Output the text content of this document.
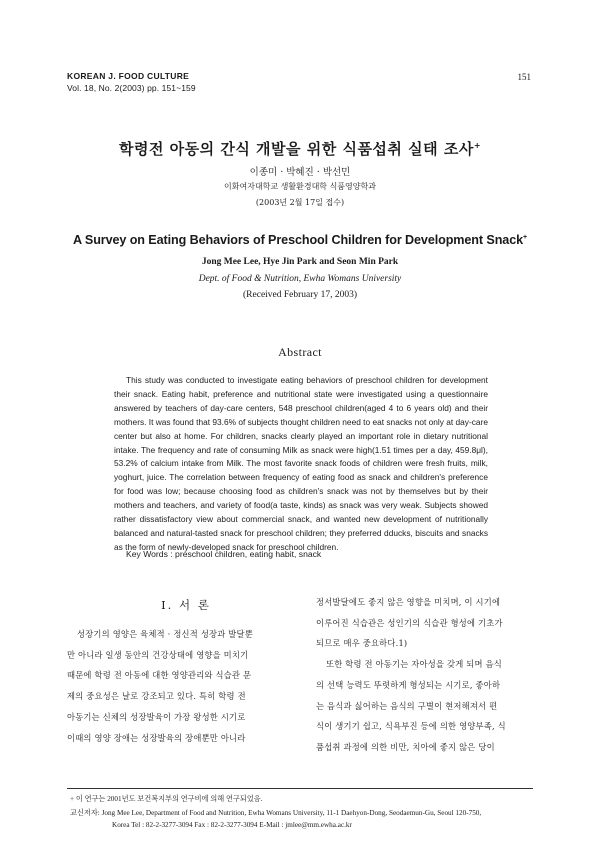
KOREAN J. FOOD CULTURE
Vol. 18, No. 2(2003) pp. 151~159
151
학령전 아동의 간식 개발을 위한 식품섭취 실태 조사+
이종미 · 박혜진 · 박선민
이화여자대학교 생활환경대학 식품영양학과
(2003년 2월 17일 접수)
A Survey on Eating Behaviors of Preschool Children for Development Snack+
Jong Mee Lee, Hye Jin Park and Seon Min Park
Dept. of Food & Nutrition, Ewha Womans University
(Received February 17, 2003)
Abstract

This study was conducted to investigate eating behaviors of preschool children for development their snack. Eating habit, preference and nutritional state were investigated using a questionnaire answered by teachers of day-care centers, 548 preschool children(aged 4 to 6 years old) and their mothers. It was found that 93.6% of subjects thought children need to eat snacks not only at day-care center but also at home. For children, snacks clearly played an important role in dietary nutritional intake. The frequency and rate of consuming Milk as snack were high(1.51 times per a day, 459.8μl), 53.2% of calcium intake from Milk. The most favorite snack foods of children were fresh fruits, milk, yoghurt, juice. The correlation between frequency of eating food as snack and children's preference for food was low; because choosing food as children's snack was not by themselves but by their mothers and teachers, and variety of food(a taste, kinds) as snack was very weak. Subjects showed rather dissatisfactory view about commercial snack, and wanted new development of nutritionally balanced and natural-tasted snack for preschool children; they preferred dducks, biscuits and snacks as the form of newly-developed snack for preschool children.

Key Words : preschool children, eating habit, snack
I. 서 론
성장기의 영양은 육체적 · 정신적 성장과 발달뿐
만 아니라 일생 동안의 건강상태에 영향을 미치기
때문에 학령 전 아동에 대한 영양관리와 식습관 문
제의 중요성은 날로 강조되고 있다. 특히 학령 전
아동기는 신체의 성장발육이 가장 왕성한 시기로
이때의 영양 장애는 성장발육의 장애뿐만 아니라
정서발달에도 좋지 않은 영향을 미치며, 이 시기에
이루어진 식습관은 성인기의 식습관 형성에 기초가
되므로 매우 중요하다.1)
또한 학령 전 아동기는 자아성을 갖게 되며 음식
의 선택 능력도 뚜렷하게 형성되는 시기로, 좋아하
는 음식과 싫어하는 음식의 구별이 현저해져서 편
식이 생기기 쉽고, 식욕부진 등에 의한 영양부족, 식
품섭취 과정에 의한 비만, 치아에 좋지 않은 당이
+ 이 연구는 2001년도 보건복지부의 연구비에 의해 연구되었음.
교신저자: Jong Mee Lee, Department of Food and Nutrition, Ewha Womans University, 11-1 Daehyon-Dong, Seodaemun-Gu, Seoul 120-750,
Korea Tel : 82-2-3277-3094 Fax : 82-2-3277-3094 E-Mail : jmlee@mm.ewha.ac.kr
